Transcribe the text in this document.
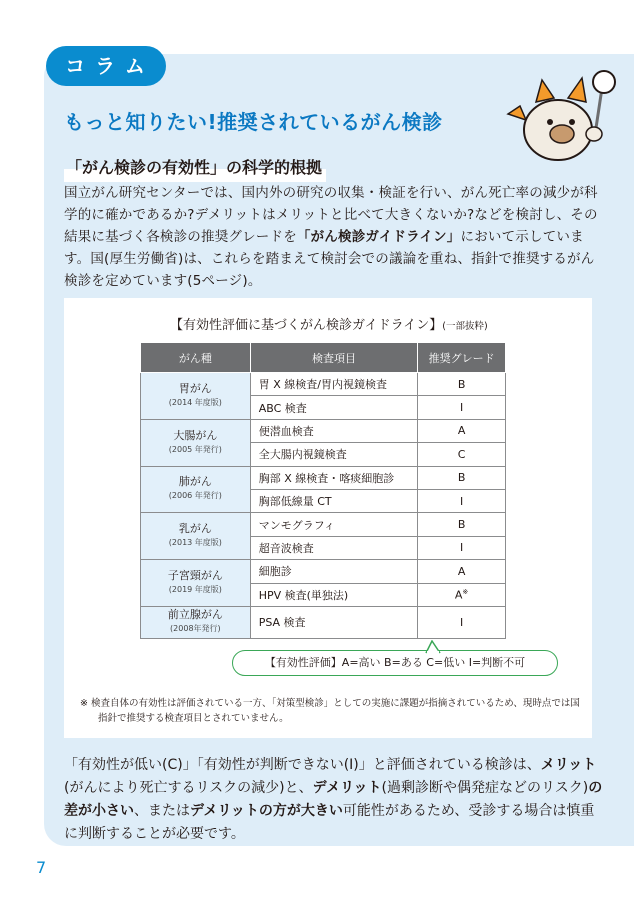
コラム
もっと知りたい!推奨されているがん検診
「がん検診の有効性」の科学的根拠
国立がん研究センターでは、国内外の研究の収集・検証を行い、がん死亡率の減少が科学的に確かであるか?デメリットはメリットと比べて大きくないか?などを検討し、その結果に基づく各検診の推奨グレードを「がん検診ガイドライン」において示しています。国(厚生労働省)は、これらを踏まえて検討会での議論を重ね、指針で推奨するがん検診を定めています(5ページ)。
【有効性評価に基づくがん検診ガイドライン】(一部抜粋)
がん種	検査項目	推奨グレード
胃がん
(2014 年度版)	胃 X 線検査/胃内視鏡検査	B
	ABC 検査	I
大腸がん
(2005 年発行)	便潜血検査	A
	全大腸内視鏡検査	C
肺がん
(2006 年発行)	胸部 X 線検査・喀痰細胞診	B
	胸部低線量 CT	I
乳がん
(2013 年度版)	マンモグラフィ	B
	超音波検査	I
子宮頸がん
(2019 年度版)	細胞診	A
	HPV 検査(単独法)	A※
前立腺がん
(2008年発行)	PSA 検査	I
【有効性評価】A=高い B=ある C=低い I=判断不可
※ 検査自体の有効性は評価されている一方、「対策型検診」としての実施に課題が指摘されているため、現時点では国指針で推奨する検査項目とされていません。
「有効性が低い(C)」「有効性が判断できない(I)」と評価されている検診は、メリット(がんにより死亡するリスクの減少)と、デメリット(過剰診断や偶発症などのリスク)の差が小さい、またはデメリットの方が大きい可能性があるため、受診する場合は慎重に判断することが必要です。
7
